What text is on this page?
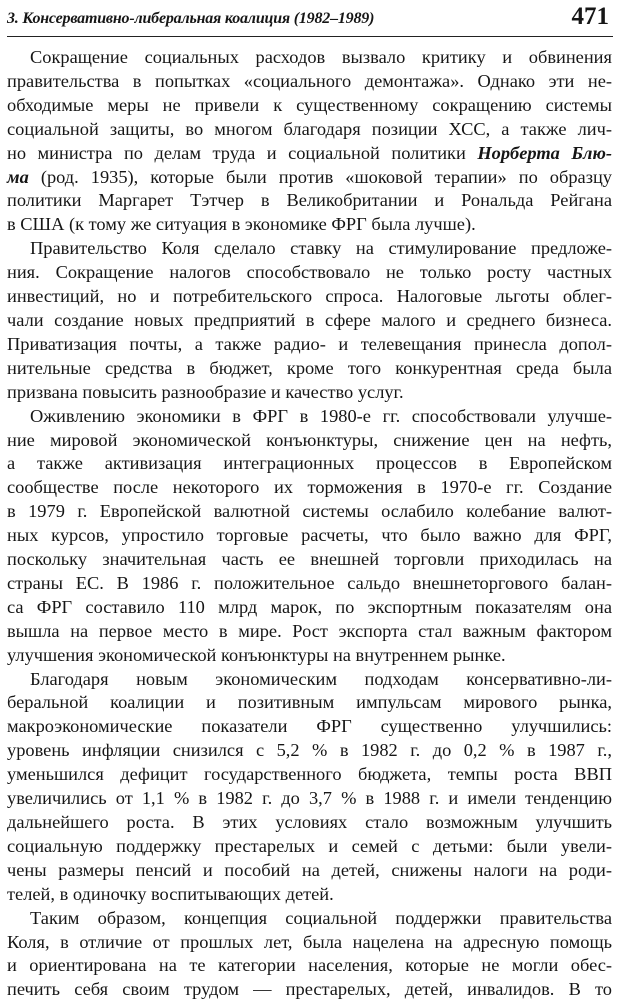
3. Консервативно-либеральная коалиция (1982–1989)	471

Сокращение социальных расходов вызвало критику и обвинения
правительства в попытках «социального демонтажа». Однако эти не-
обходимые меры не привели к существенному сокращению системы
социальной защиты, во многом благодаря позиции ХСС, а также лич-
но министра по делам труда и социальной политики Норберта Блю-
ма (род. 1935), которые были против «шоковой терапии» по образцу
политики Маргарет Тэтчер в Великобритании и Рональда Рейгана
в США (к тому же ситуация в экономике ФРГ была лучше).

Правительство Коля сделало ставку на стимулирование предложе-
ния. Сокращение налогов способствовало не только росту частных
инвестиций, но и потребительского спроса. Налоговые льготы облег-
чали создание новых предприятий в сфере малого и среднего бизнеса.
Приватизация почты, а также радио- и телевещания принесла допол-
нительные средства в бюджет, кроме того конкурентная среда была
призвана повысить разнообразие и качество услуг.

Оживлению экономики в ФРГ в 1980-е гг. способствовали улучше-
ние мировой экономической конъюнктуры, снижение цен на нефть,
а также активизация интеграционных процессов в Европейском
сообществе после некоторого их торможения в 1970-е гг. Создание
в 1979 г. Европейской валютной системы ослабило колебание валют-
ных курсов, упростило торговые расчеты, что было важно для ФРГ,
поскольку значительная часть ее внешней торговли приходилась на
страны ЕС. В 1986 г. положительное сальдо внешнеторгового балан-
са ФРГ составило 110 млрд марок, по экспортным показателям она
вышла на первое место в мире. Рост экспорта стал важным фактором
улучшения экономической конъюнктуры на внутреннем рынке.

Благодаря новым экономическим подходам консервативно-ли-
беральной коалиции и позитивным импульсам мирового рынка,
макроэкономические показатели ФРГ существенно улучшились:
уровень инфляции снизился с 5,2 % в 1982 г. до 0,2 % в 1987 г.,
уменьшился дефицит государственного бюджета, темпы роста ВВП
увеличились от 1,1 % в 1982 г. до 3,7 % в 1988 г. и имели тенденцию
дальнейшего роста. В этих условиях стало возможным улучшить
социальную поддержку престарелых и семей с детьми: были увели-
чены размеры пенсий и пособий на детей, снижены налоги на роди-
телей, в одиночку воспитывающих детей.

Таким образом, концепция социальной поддержки правительства
Коля, в отличие от прошлых лет, была нацелена на адресную помощь
и ориентирована на те категории населения, которые не могли обес-
печить себя своим трудом — престарелых, детей, инвалидов. В то
